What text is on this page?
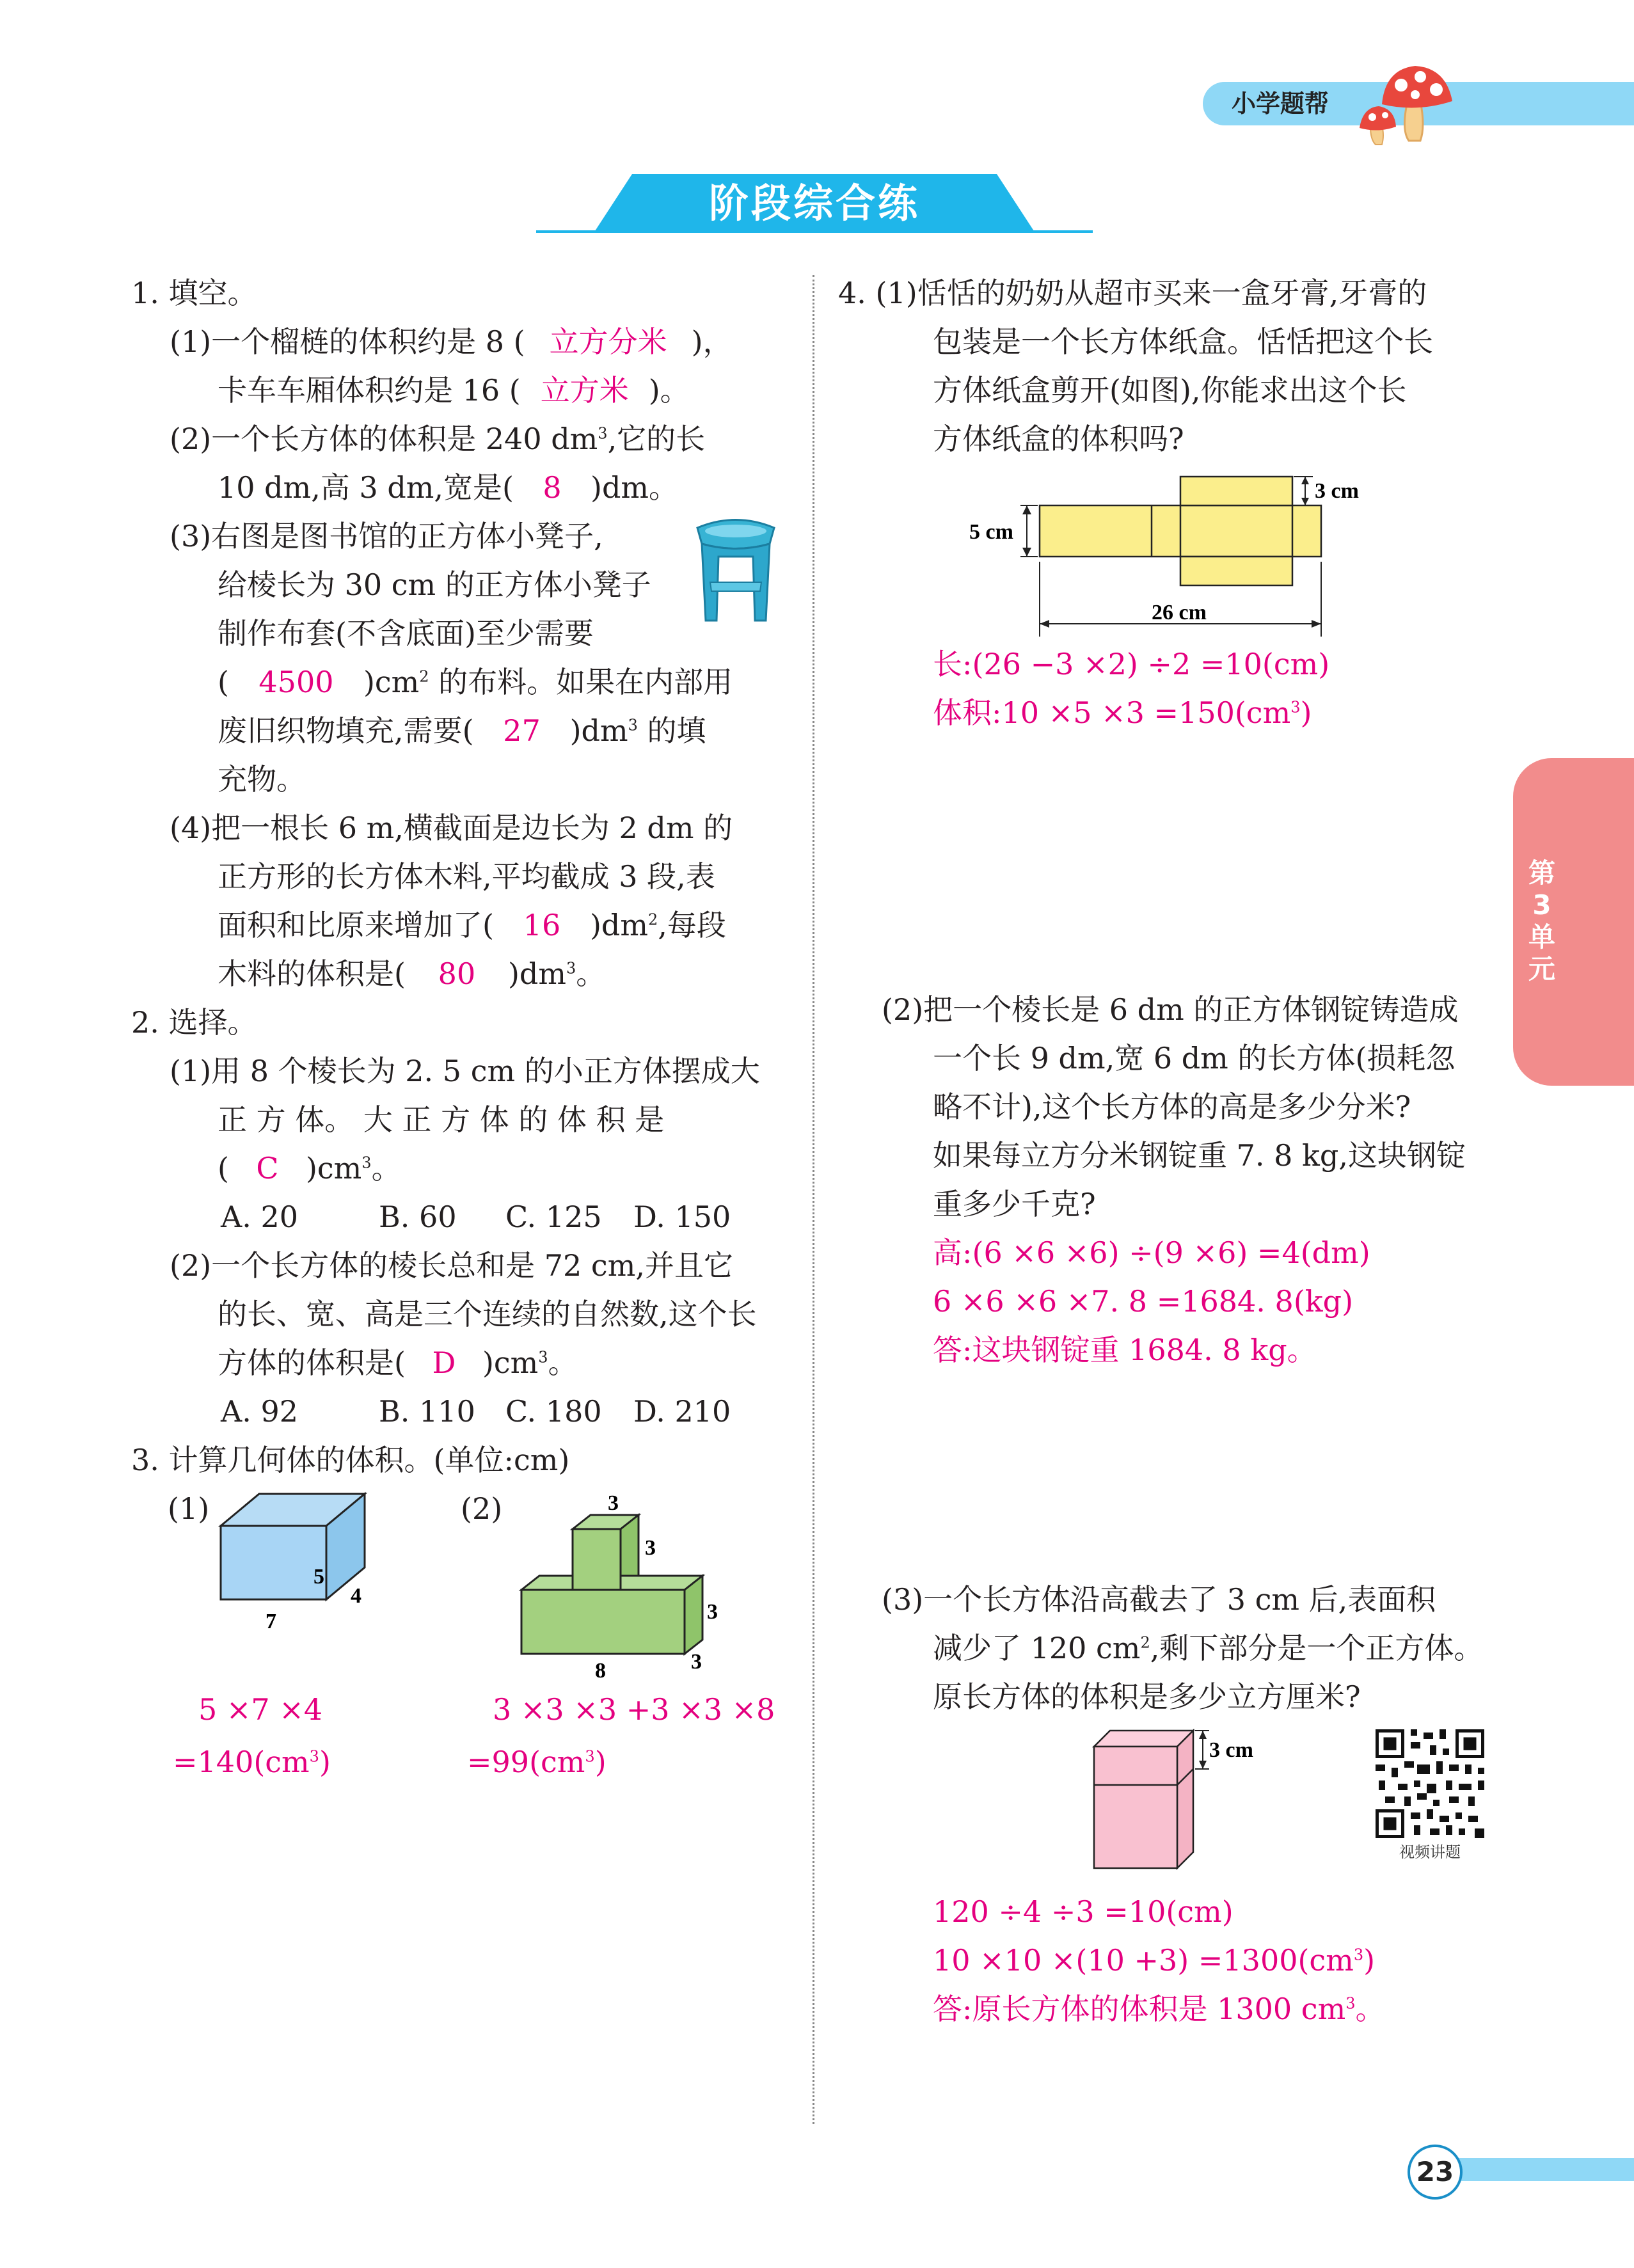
小学题帮
阶段综合练
第3单元
1. 填空。
(1)一个榴梿的体积约是 8 ( 立方分米 )，
卡车车厢体积约是 16 ( 立方米 )。
(2)一个长方体的体积是 240 $dm^3$,它的长
10 dm,高 3 dm,宽是( 8 )dm。
(3)右图是图书馆的正方体小凳子,
给棱长为 30 cm 的正方体小凳子
制作布套(不含底面)至少需要
( 4500 )$cm^2$ 的布料。如果在内部用
废旧织物填充,需要( 27 )$dm^3$ 的填
充物。
(4)把一根长 6 m,横截面是边长为 2 dm 的
正方形的长方体木料,平均截成 3 段,表
面积和比原来增加了( 16 )$dm^2$,每段
木料的体积是( 80 )$dm^3$。
2. 选择。
(1)用 8 个棱长为 2. 5 cm 的小正方体摆成大
正 方 体。 大 正 方 体 的 体 积 是
( C )$cm^3$。
A. 20	B. 60 C. 125 D. 150
(2)一个长方体的棱长总和是 72 cm,并且它
的长、宽、高是三个连续的自然数,这个长
方体的体积是( D )$cm^3$。
A. 92	B. 110 C. 180 D. 210
3. 计算几何体的体积。(单位:cm)
(1)	(2)
5
4
7
3
3
3
3
8
5 ×7 ×4
$=140(cm^3)$
3 ×3 ×3 +3 ×3 ×8
$=99(cm^3)$
4. (1)恬恬的奶奶从超市买来一盒牙膏,牙膏的
包装是一个长方体纸盒。恬恬把这个长
方体纸盒剪开(如图),你能求出这个长
方体纸盒的体积吗?
5 cm
3 cm
26 cm
长:(26 −3 ×2) ÷2 =10(cm)
体积:10 $\times 5 \times 3 =150(cm^3)$
(2)把一个棱长是 6 dm 的正方体钢锭铸造成
一个长 9 dm,宽 6 dm 的长方体(损耗忽
略不计),这个长方体的高是多少分米?
如果每立方分米钢锭重 7. 8 kg,这块钢锭
重多少千克?
高:(6 ×6 ×6) ÷(9 ×6) =4(dm)
6 ×6 ×6 ×7. 8 =1684. 8(kg)
答:这块钢锭重 1684. 8 kg。
(3)一个长方体沿高截去了 3 cm 后,表面积
减少了 120 $cm^2$,剩下部分是一个正方体。
原长方体的体积是多少立方厘米?
3 cm
视频讲题
120 ÷4 ÷3 =10(cm)
$10 \times 10 \times(10 +3) =1300(cm^3)$
答:原长方体的体积是 1300 $cm^3$。
23
